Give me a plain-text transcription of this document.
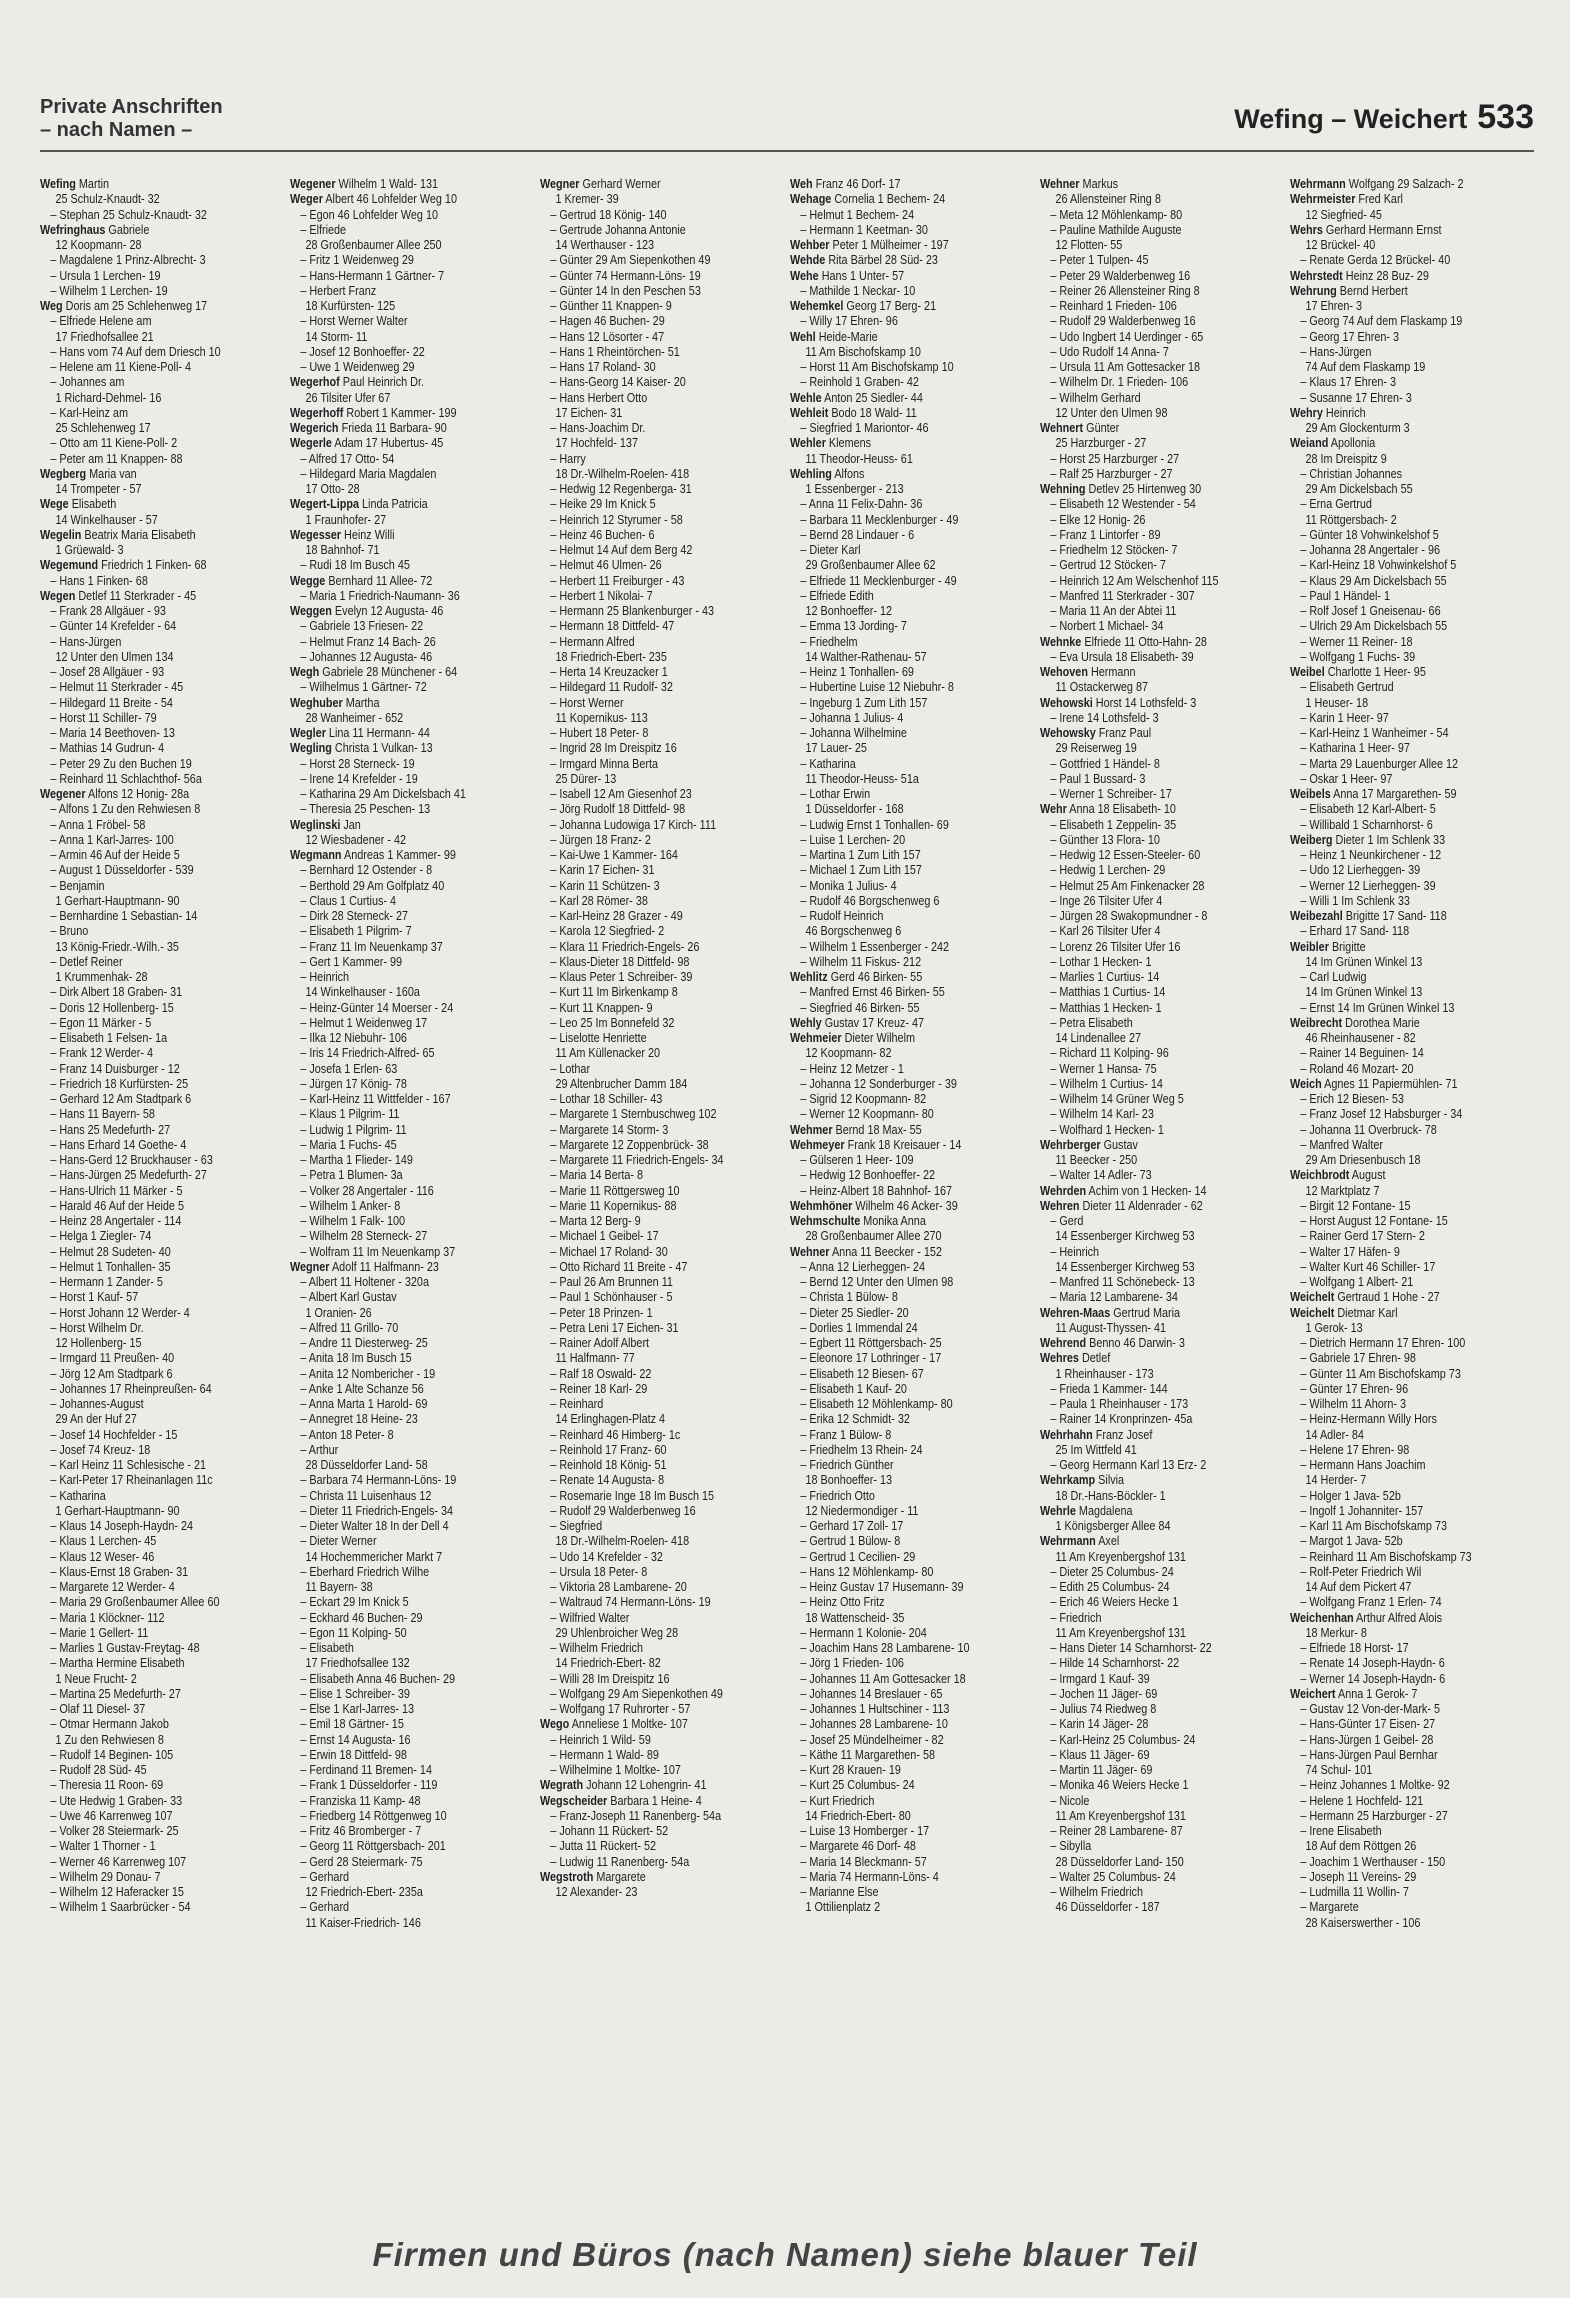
Private Anschriften
– nach Namen –	Wefing – Weichert 533
Wefing Martin
25 Schulz-Knaudt- 32
– Stephan 25 Schulz-Knaudt- 32
Wefringhaus Gabriele
12 Koopmann- 28
– Magdalene 1 Prinz-Albrecht- 3
– Ursula 1 Lerchen- 19
– Wilhelm 1 Lerchen- 19
Weg Doris am 25 Schlehenweg 17
– Elfriede Helene am
17 Friedhofsallee 21
– Hans vom 74 Auf dem Driesch 10
– Helene am 11 Kiene-Poll- 4
– Johannes am
1 Richard-Dehmel- 16
– Karl-Heinz am
25 Schlehenweg 17
– Otto am 11 Kiene-Poll- 2
– Peter am 11 Knappen- 88
Wegberg Maria van
14 Trompeter - 57
Wege Elisabeth
14 Winkelhauser - 57
Wegelin Beatrix Maria Elisabeth
1 Grüewald- 3
Wegemund Friedrich 1 Finken- 68
– Hans 1 Finken- 68
Wegen Detlef 11 Sterkrader - 45
– Frank 28 Allgäuer - 93
– Günter 14 Krefelder - 64
– Hans-Jürgen
12 Unter den Ulmen 134
– Josef 28 Allgäuer - 93
– Helmut 11 Sterkrader - 45
– Hildegard 11 Breite - 54
– Horst 11 Schiller- 79
– Maria 14 Beethoven- 13
– Mathias 14 Gudrun- 4
– Peter 29 Zu den Buchen 19
– Reinhard 11 Schlachthof- 56a
Wegener Alfons 12 Honig- 28a
– Alfons 1 Zu den Rehwiesen 8
– Anna 1 Fröbel- 58
– Anna 1 Karl-Jarres- 100
– Armin 46 Auf der Heide 5
– August 1 Düsseldorfer - 539
– Benjamin
1 Gerhart-Hauptmann- 90
– Bernhardine 1 Sebastian- 14
– Bruno
13 König-Friedr.-Wilh.- 35
– Detlef Reiner
1 Krummenhak- 28
– Dirk Albert 18 Graben- 31
– Doris 12 Hollenberg- 15
– Egon 11 Märker - 5
– Elisabeth 1 Felsen- 1a
– Frank 12 Werder- 4
– Franz 14 Duisburger - 12
– Friedrich 18 Kurfürsten- 25
– Gerhard 12 Am Stadtpark 6
– Hans 11 Bayern- 58
– Hans 25 Medefurth- 27
– Hans Erhard 14 Goethe- 4
– Hans-Gerd 12 Bruckhauser - 63
– Hans-Jürgen 25 Medefurth- 27
– Hans-Ulrich 11 Märker - 5
– Harald 46 Auf der Heide 5
– Heinz 28 Angertaler - 114
– Helga 1 Ziegler- 74
– Helmut 28 Sudeten- 40
– Helmut 1 Tonhallen- 35
– Hermann 1 Zander- 5
– Horst 1 Kauf- 57
– Horst Johann 12 Werder- 4
– Horst Wilhelm Dr.
12 Hollenberg- 15
– Irmgard 11 Preußen- 40
– Jörg 12 Am Stadtpark 6
– Johannes 17 Rheinpreußen- 64
– Johannes-August
29 An der Huf 27
– Josef 14 Hochfelder - 15
– Josef 74 Kreuz- 18
– Karl Heinz 11 Schlesische - 21
– Karl-Peter 17 Rheinanlagen 11c
– Katharina
1 Gerhart-Hauptmann- 90
– Klaus 14 Joseph-Haydn- 24
– Klaus 1 Lerchen- 45
– Klaus 12 Weser- 46
– Klaus-Ernst 18 Graben- 31
– Margarete 12 Werder- 4
– Maria 29 Großenbaumer Allee 60
– Maria 1 Klöckner- 112
– Marie 1 Gellert- 11
– Marlies 1 Gustav-Freytag- 48
– Martha Hermine Elisabeth
1 Neue Frucht- 2
– Martina 25 Medefurth- 27
– Olaf 11 Diesel- 37
– Otmar Hermann Jakob
1 Zu den Rehwiesen 8
– Rudolf 14 Beginen- 105
– Rudolf 28 Süd- 45
– Theresia 11 Roon- 69
– Ute Hedwig 1 Graben- 33
– Uwe 46 Karrenweg 107
– Volker 28 Steiermark- 25
– Walter 1 Thorner - 1
– Werner 46 Karrenweg 107
– Wilhelm 29 Donau- 7
– Wilhelm 12 Haferacker 15
– Wilhelm 1 Saarbrücker - 54
Wegener Wilhelm 1 Wald- 131
Weger Albert 46 Lohfelder Weg 10
– Egon 46 Lohfelder Weg 10
– Elfriede
28 Großenbaumer Allee 250
– Fritz 1 Weidenweg 29
– Hans-Hermann 1 Gärtner- 7
– Herbert Franz
18 Kurfürsten- 125
– Horst Werner Walter
14 Storm- 11
– Josef 12 Bonhoeffer- 22
– Uwe 1 Weidenweg 29
Wegerhof Paul Heinrich Dr.
26 Tilsiter Ufer 67
Wegerhoff Robert 1 Kammer- 199
Wegerich Frieda 11 Barbara- 90
Wegerle Adam 17 Hubertus- 45
– Alfred 17 Otto- 54
– Hildegard Maria Magdalen
17 Otto- 28
Wegert-Lippa Linda Patricia
1 Fraunhofer- 27
Wegesser Heinz Willi
18 Bahnhof- 71
– Rudi 18 Im Busch 45
Wegge Bernhard 11 Allee- 72
– Maria 1 Friedrich-Naumann- 36
Weggen Evelyn 12 Augusta- 46
– Gabriele 13 Friesen- 22
– Helmut Franz 14 Bach- 26
– Johannes 12 Augusta- 46
Wegh Gabriele 28 Münchener - 64
– Wilhelmus 1 Gärtner- 72
Weghuber Martha
28 Wanheimer - 652
Wegler Lina 11 Hermann- 44
Wegling Christa 1 Vulkan- 13
– Horst 28 Sterneck- 19
– Irene 14 Krefelder - 19
– Katharina 29 Am Dickelsbach 41
– Theresia 25 Peschen- 13
Weglinski Jan
12 Wiesbadener - 42
Wegmann Andreas 1 Kammer- 99
– Bernhard 12 Ostender - 8
– Berthold 29 Am Golfplatz 40
– Claus 1 Curtius- 4
– Dirk 28 Sterneck- 27
– Elisabeth 1 Pilgrim- 7
– Franz 11 Im Neuenkamp 37
– Gert 1 Kammer- 99
– Heinrich
14 Winkelhauser - 160a
– Heinz-Günter 14 Moerser - 24
– Helmut 1 Weidenweg 17
– Ilka 12 Niebuhr- 106
– Iris 14 Friedrich-Alfred- 65
– Josefa 1 Erlen- 63
– Jürgen 17 König- 78
– Karl-Heinz 11 Wittfelder - 167
– Klaus 1 Pilgrim- 11
– Ludwig 1 Pilgrim- 11
– Maria 1 Fuchs- 45
– Martha 1 Flieder- 149
– Petra 1 Blumen- 3a
– Volker 28 Angertaler - 116
– Wilhelm 1 Anker- 8
– Wilhelm 1 Falk- 100
– Wilhelm 28 Sterneck- 27
– Wolfram 11 Im Neuenkamp 37
Wegner Adolf 11 Halfmann- 23
– Albert 11 Holtener - 320a
– Albert Karl Gustav
1 Oranien- 26
– Alfred 11 Grillo- 70
– Andre 11 Diesterweg- 25
– Anita 18 Im Busch 15
– Anita 12 Nombericher - 19
– Anke 1 Alte Schanze 56
– Anna Marta 1 Harold- 69
– Annegret 18 Heine- 23
– Anton 18 Peter- 8
– Arthur
28 Düsseldorfer Land- 58
– Barbara 74 Hermann-Löns- 19
– Christa 11 Luisenhaus 12
– Dieter 11 Friedrich-Engels- 34
– Dieter Walter 18 In der Dell 4
– Dieter Werner
14 Hochemmericher Markt 7
– Eberhard Friedrich Wilhe
11 Bayern- 38
– Eckart 29 Im Knick 5
– Eckhard 46 Buchen- 29
– Egon 11 Kolping- 50
– Elisabeth
17 Friedhofsallee 132
– Elisabeth Anna 46 Buchen- 29
– Elise 1 Schreiber- 39
– Else 1 Karl-Jarres- 13
– Emil 18 Gärtner- 15
– Ernst 14 Augusta- 16
– Erwin 18 Dittfeld- 98
– Ferdinand 11 Bremen- 14
– Frank 1 Düsseldorfer - 119
– Franziska 11 Kamp- 48
– Friedberg 14 Röttgenweg 10
– Fritz 46 Bromberger - 7
– Georg 11 Röttgersbach- 201
– Gerd 28 Steiermark- 75
– Gerhard
12 Friedrich-Ebert- 235a
– Gerhard
11 Kaiser-Friedrich- 146
Wegner Gerhard Werner
1 Kremer- 39
– Gertrud 18 König- 140
– Gertrude Johanna Antonie
14 Werthauser - 123
– Günter 29 Am Siepenkothen 49
– Günter 74 Hermann-Löns- 19
– Günter 14 In den Peschen 53
– Günther 11 Knappen- 9
– Hagen 46 Buchen- 29
– Hans 12 Lösorter - 47
– Hans 1 Rheintörchen- 51
– Hans 17 Roland- 30
– Hans-Georg 14 Kaiser- 20
– Hans Herbert Otto
17 Eichen- 31
– Hans-Joachim Dr.
17 Hochfeld- 137
– Harry
18 Dr.-Wilhelm-Roelen- 418
– Hedwig 12 Regenberga- 31
– Heike 29 Im Knick 5
– Heinrich 12 Styrumer - 58
– Heinz 46 Buchen- 6
– Helmut 14 Auf dem Berg 42
– Helmut 46 Ulmen- 26
– Herbert 11 Freiburger - 43
– Herbert 1 Nikolai- 7
– Hermann 25 Blankenburger - 43
– Hermann 18 Dittfeld- 47
– Hermann Alfred
18 Friedrich-Ebert- 235
– Herta 14 Kreuzacker 1
– Hildegard 11 Rudolf- 32
– Horst Werner
11 Kopernikus- 113
– Hubert 18 Peter- 8
– Ingrid 28 Im Dreispitz 16
– Irmgard Minna Berta
25 Dürer- 13
– Isabell 12 Am Giesenhof 23
– Jörg Rudolf 18 Dittfeld- 98
– Johanna Ludowiga 17 Kirch- 111
– Jürgen 18 Franz- 2
– Kai-Uwe 1 Kammer- 164
– Karin 17 Eichen- 31
– Karin 11 Schützen- 3
– Karl 28 Römer- 38
– Karl-Heinz 28 Grazer - 49
– Karola 12 Siegfried- 2
– Klara 11 Friedrich-Engels- 26
– Klaus-Dieter 18 Dittfeld- 98
– Klaus Peter 1 Schreiber- 39
– Kurt 11 Im Birkenkamp 8
– Kurt 11 Knappen- 9
– Leo 25 Im Bonnefeld 32
– Liselotte Henriette
11 Am Küllenacker 20
– Lothar
29 Altenbrucher Damm 184
– Lothar 18 Schiller- 43
– Margarete 1 Sternbuschweg 102
– Margarete 14 Storm- 3
– Margarete 12 Zoppenbrück- 38
– Margarete 11 Friedrich-Engels- 34
– Maria 14 Berta- 8
– Marie 11 Röttgersweg 10
– Marie 11 Kopernikus- 88
– Marta 12 Berg- 9
– Michael 1 Geibel- 17
– Michael 17 Roland- 30
– Otto Richard 11 Breite - 47
– Paul 26 Am Brunnen 11
– Paul 1 Schönhauser - 5
– Peter 18 Prinzen- 1
– Petra Leni 17 Eichen- 31
– Rainer Adolf Albert
11 Halfmann- 77
– Ralf 18 Oswald- 22
– Reiner 18 Karl- 29
– Reinhard
14 Erlinghagen-Platz 4
– Reinhard 46 Himberg- 1c
– Reinhold 17 Franz- 60
– Reinhold 18 König- 51
– Renate 14 Augusta- 8
– Rosemarie Inge 18 Im Busch 15
– Rudolf 29 Walderbenweg 16
– Siegfried
18 Dr.-Wilhelm-Roelen- 418
– Udo 14 Krefelder - 32
– Ursula 18 Peter- 8
– Viktoria 28 Lambarene- 20
– Waltraud 74 Hermann-Löns- 19
– Wilfried Walter
29 Uhlenbroicher Weg 28
– Wilhelm Friedrich
14 Friedrich-Ebert- 82
– Willi 28 Im Dreispitz 16
– Wolfgang 29 Am Siepenkothen 49
– Wolfgang 17 Ruhrorter - 57
Wego Anneliese 1 Moltke- 107
– Heinrich 1 Wild- 59
– Hermann 1 Wald- 89
– Wilhelmine 1 Moltke- 107
Wegrath Johann 12 Lohengrin- 41
Wegscheider Barbara 1 Heine- 4
– Franz-Joseph 11 Ranenberg- 54a
– Johann 11 Rückert- 52
– Jutta 11 Rückert- 52
– Ludwig 11 Ranenberg- 54a
Wegstroth Margarete
12 Alexander- 23
Weh Franz 46 Dorf- 17
Wehage Cornelia 1 Bechem- 24
– Helmut 1 Bechem- 24
– Hermann 1 Keetman- 30
Wehber Peter 1 Mülheimer - 197
Wehde Rita Bärbel 28 Süd- 23
Wehe Hans 1 Unter- 57
– Mathilde 1 Neckar- 10
Wehemkel Georg 17 Berg- 21
– Willy 17 Ehren- 96
Wehl Heide-Marie
11 Am Bischofskamp 10
– Horst 11 Am Bischofskamp 10
– Reinhold 1 Graben- 42
Wehle Anton 25 Siedler- 44
Wehleit Bodo 18 Wald- 11
– Siegfried 1 Mariontor- 46
Wehler Klemens
11 Theodor-Heuss- 61
Wehling Alfons
1 Essenberger - 213
– Anna 11 Felix-Dahn- 36
– Barbara 11 Mecklenburger - 49
– Bernd 28 Lindauer - 6
– Dieter Karl
29 Großenbaumer Allee 62
– Elfriede 11 Mecklenburger - 49
– Elfriede Edith
12 Bonhoeffer- 12
– Emma 13 Jording- 7
– Friedhelm
14 Walther-Rathenau- 57
– Heinz 1 Tonhallen- 69
– Hubertine Luise 12 Niebuhr- 8
– Ingeburg 1 Zum Lith 157
– Johanna 1 Julius- 4
– Johanna Wilhelmine
17 Lauer- 25
– Katharina
11 Theodor-Heuss- 51a
– Lothar Erwin
1 Düsseldorfer - 168
– Ludwig Ernst 1 Tonhallen- 69
– Luise 1 Lerchen- 20
– Martina 1 Zum Lith 157
– Michael 1 Zum Lith 157
– Monika 1 Julius- 4
– Rudolf 46 Borgschenweg 6
– Rudolf Heinrich
46 Borgschenweg 6
– Wilhelm 1 Essenberger - 242
– Wilhelm 11 Fiskus- 212
Wehlitz Gerd 46 Birken- 55
– Manfred Ernst 46 Birken- 55
– Siegfried 46 Birken- 55
Wehly Gustav 17 Kreuz- 47
Wehmeier Dieter Wilhelm
12 Koopmann- 82
– Heinz 12 Metzer - 1
– Johanna 12 Sonderburger - 39
– Sigrid 12 Koopmann- 82
– Werner 12 Koopmann- 80
Wehmer Bernd 18 Max- 55
Wehmeyer Frank 18 Kreisauer - 14
– Gülseren 1 Heer- 109
– Hedwig 12 Bonhoeffer- 22
– Heinz-Albert 18 Bahnhof- 167
Wehmhöner Wilhelm 46 Acker- 39
Wehmschulte Monika Anna
28 Großenbaumer Allee 270
Wehner Anna 11 Beecker - 152
– Anna 12 Lierheggen- 24
– Bernd 12 Unter den Ulmen 98
– Christa 1 Bülow- 8
– Dieter 25 Siedler- 20
– Dorlies 1 Immendal 24
– Egbert 11 Röttgersbach- 25
– Eleonore 17 Lothringer - 17
– Elisabeth 12 Biesen- 67
– Elisabeth 1 Kauf- 20
– Elisabeth 12 Möhlenkamp- 80
– Erika 12 Schmidt- 32
– Franz 1 Bülow- 8
– Friedhelm 13 Rhein- 24
– Friedrich Günther
18 Bonhoeffer- 13
– Friedrich Otto
12 Niedermondiger - 11
– Gerhard 17 Zoll- 17
– Gertrud 1 Bülow- 8
– Gertrud 1 Cecilien- 29
– Hans 12 Möhlenkamp- 80
– Heinz Gustav 17 Husemann- 39
– Heinz Otto Fritz
18 Wattenscheid- 35
– Hermann 1 Kolonie- 204
– Joachim Hans 28 Lambarene- 10
– Jörg 1 Frieden- 106
– Johannes 11 Am Gottesacker 18
– Johannes 14 Breslauer - 65
– Johannes 1 Hultschiner - 113
– Johannes 28 Lambarene- 10
– Josef 25 Mündelheimer - 82
– Käthe 11 Margarethen- 58
– Kurt 28 Krauen- 19
– Kurt 25 Columbus- 24
– Kurt Friedrich
14 Friedrich-Ebert- 80
– Luise 13 Homberger - 17
– Margarete 46 Dorf- 48
– Maria 14 Bleckmann- 57
– Maria 74 Hermann-Löns- 4
– Marianne Else
1 Ottilienplatz 2
Wehner Markus
26 Allensteiner Ring 8
– Meta 12 Möhlenkamp- 80
– Pauline Mathilde Auguste
12 Flotten- 55
– Peter 1 Tulpen- 45
– Peter 29 Walderbenweg 16
– Reiner 26 Allensteiner Ring 8
– Reinhard 1 Frieden- 106
– Rudolf 29 Walderbenweg 16
– Udo Ingbert 14 Uerdinger - 65
– Udo Rudolf 14 Anna- 7
– Ursula 11 Am Gottesacker 18
– Wilhelm Dr. 1 Frieden- 106
– Wilhelm Gerhard
12 Unter den Ulmen 98
Wehnert Günter
25 Harzburger - 27
– Horst 25 Harzburger - 27
– Ralf 25 Harzburger - 27
Wehning Detlev 25 Hirtenweg 30
– Elisabeth 12 Westender - 54
– Elke 12 Honig- 26
– Franz 1 Lintorfer - 89
– Friedhelm 12 Stöcken- 7
– Gertrud 12 Stöcken- 7
– Heinrich 12 Am Welschenhof 115
– Manfred 11 Sterkrader - 307
– Maria 11 An der Abtei 11
– Norbert 1 Michael- 34
Wehnke Elfriede 11 Otto-Hahn- 28
– Eva Ursula 18 Elisabeth- 39
Wehoven Hermann
11 Ostackerweg 87
Wehowski Horst 14 Lothsfeld- 3
– Irene 14 Lothsfeld- 3
Wehowsky Franz Paul
29 Reiserweg 19
– Gottfried 1 Händel- 8
– Paul 1 Bussard- 3
– Werner 1 Schreiber- 17
Wehr Anna 18 Elisabeth- 10
– Elisabeth 1 Zeppelin- 35
– Günther 13 Flora- 10
– Hedwig 12 Essen-Steeler- 60
– Hedwig 1 Lerchen- 29
– Helmut 25 Am Finkenacker 28
– Inge 26 Tilsiter Ufer 4
– Jürgen 28 Swakopmundner - 8
– Karl 26 Tilsiter Ufer 4
– Lorenz 26 Tilsiter Ufer 16
– Lothar 1 Hecken- 1
– Marlies 1 Curtius- 14
– Matthias 1 Curtius- 14
– Matthias 1 Hecken- 1
– Petra Elisabeth
14 Lindenallee 27
– Richard 11 Kolping- 96
– Werner 1 Hansa- 75
– Wilhelm 1 Curtius- 14
– Wilhelm 14 Grüner Weg 5
– Wilhelm 14 Karl- 23
– Wolfhard 1 Hecken- 1
Wehrberger Gustav
11 Beecker - 250
– Walter 14 Adler- 73
Wehrden Achim von 1 Hecken- 14
Wehren Dieter 11 Aldenrader - 62
– Gerd
14 Essenberger Kirchweg 53
– Heinrich
14 Essenberger Kirchweg 53
– Manfred 11 Schönebeck- 13
– Maria 12 Lambarene- 34
Wehren-Maas Gertrud Maria
11 August-Thyssen- 41
Wehrend Benno 46 Darwin- 3
Wehres Detlef
1 Rheinhauser - 173
– Frieda 1 Kammer- 144
– Paula 1 Rheinhauser - 173
– Rainer 14 Kronprinzen- 45a
Wehrhahn Franz Josef
25 Im Wittfeld 41
– Georg Hermann Karl 13 Erz- 2
Wehrkamp Silvia
18 Dr.-Hans-Böckler- 1
Wehrle Magdalena
1 Königsberger Allee 84
Wehrmann Axel
11 Am Kreyenbergshof 131
– Dieter 25 Columbus- 24
– Edith 25 Columbus- 24
– Erich 46 Weiers Hecke 1
– Friedrich
11 Am Kreyenbergshof 131
– Hans Dieter 14 Scharnhorst- 22
– Hilde 14 Scharnhorst- 22
– Irmgard 1 Kauf- 39
– Jochen 11 Jäger- 69
– Julius 74 Riedweg 8
– Karin 14 Jäger- 28
– Karl-Heinz 25 Columbus- 24
– Klaus 11 Jäger- 69
– Martin 11 Jäger- 69
– Monika 46 Weiers Hecke 1
– Nicole
11 Am Kreyenbergshof 131
– Reiner 28 Lambarene- 87
– Sibylla
28 Düsseldorfer Land- 150
– Walter 25 Columbus- 24
– Wilhelm Friedrich
46 Düsseldorfer - 187
Wehrmann Wolfgang 29 Salzach- 2
Wehrmeister Fred Karl
12 Siegfried- 45
Wehrs Gerhard Hermann Ernst
12 Brückel- 40
– Renate Gerda 12 Brückel- 40
Wehrstedt Heinz 28 Buz- 29
Wehrung Bernd Herbert
17 Ehren- 3
– Georg 74 Auf dem Flaskamp 19
– Georg 17 Ehren- 3
– Hans-Jürgen
74 Auf dem Flaskamp 19
– Klaus 17 Ehren- 3
– Susanne 17 Ehren- 3
Wehry Heinrich
29 Am Glockenturm 3
Weiand Apollonia
28 Im Dreispitz 9
– Christian Johannes
29 Am Dickelsbach 55
– Erna Gertrud
11 Röttgersbach- 2
– Günter 18 Vohwinkelshof 5
– Johanna 28 Angertaler - 96
– Karl-Heinz 18 Vohwinkelshof 5
– Klaus 29 Am Dickelsbach 55
– Paul 1 Händel- 1
– Rolf Josef 1 Gneisenau- 66
– Ulrich 29 Am Dickelsbach 55
– Werner 11 Reiner- 18
– Wolfgang 1 Fuchs- 39
Weibel Charlotte 1 Heer- 95
– Elisabeth Gertrud
1 Heuser- 18
– Karin 1 Heer- 97
– Karl-Heinz 1 Wanheimer - 54
– Katharina 1 Heer- 97
– Marta 29 Lauenburger Allee 12
– Oskar 1 Heer- 97
Weibels Anna 17 Margarethen- 59
– Elisabeth 12 Karl-Albert- 5
– Willibald 1 Scharnhorst- 6
Weiberg Dieter 1 Im Schlenk 33
– Heinz 1 Neunkirchener - 12
– Udo 12 Lierheggen- 39
– Werner 12 Lierheggen- 39
– Willi 1 Im Schlenk 33
Weibezahl Brigitte 17 Sand- 118
– Erhard 17 Sand- 118
Weibler Brigitte
14 Im Grünen Winkel 13
– Carl Ludwig
14 Im Grünen Winkel 13
– Ernst 14 Im Grünen Winkel 13
Weibrecht Dorothea Marie
46 Rheinhausener - 82
– Rainer 14 Beguinen- 14
– Roland 46 Mozart- 20
Weich Agnes 11 Papiermühlen- 71
– Erich 12 Biesen- 53
– Franz Josef 12 Habsburger - 34
– Johanna 11 Overbruck- 78
– Manfred Walter
29 Am Driesenbusch 18
Weichbrodt August
12 Marktplatz 7
– Birgit 12 Fontane- 15
– Horst August 12 Fontane- 15
– Rainer Gerd 17 Stern- 2
– Walter 17 Häfen- 9
– Walter Kurt 46 Schiller- 17
– Wolfgang 1 Albert- 21
Weichelt Gertraud 1 Hohe - 27
Weichelt Dietmar Karl
1 Gerok- 13
– Dietrich Hermann 17 Ehren- 100
– Gabriele 17 Ehren- 98
– Günter 11 Am Bischofskamp 73
– Günter 17 Ehren- 96
– Wilhelm 11 Ahorn- 3
– Heinz-Hermann Willy Hors
14 Adler- 84
– Helene 17 Ehren- 98
– Hermann Hans Joachim
14 Herder- 7
– Holger 1 Java- 52b
– Ingolf 1 Johanniter- 157
– Karl 11 Am Bischofskamp 73
– Margot 1 Java- 52b
– Reinhard 11 Am Bischofskamp 73
– Rolf-Peter Friedrich Wil
14 Auf dem Pickert 47
– Wolfgang Franz 1 Erlen- 74
Weichenhan Arthur Alfred Alois
18 Merkur- 8
– Elfriede 18 Horst- 17
– Renate 14 Joseph-Haydn- 6
– Werner 14 Joseph-Haydn- 6
Weichert Anna 1 Gerok- 7
– Gustav 12 Von-der-Mark- 5
– Hans-Günter 17 Eisen- 27
– Hans-Jürgen 1 Geibel- 28
– Hans-Jürgen Paul Bernhar
74 Schul- 101
– Heinz Johannes 1 Moltke- 92
– Helene 1 Hochfeld- 121
– Hermann 25 Harzburger - 27
– Irene Elisabeth
18 Auf dem Röttgen 26
– Joachim 1 Werthauser - 150
– Joseph 11 Vereins- 29
– Ludmilla 11 Wollin- 7
– Margarete
28 Kaiserswerther - 106
Firmen und Büros (nach Namen) siehe blauer Teil
